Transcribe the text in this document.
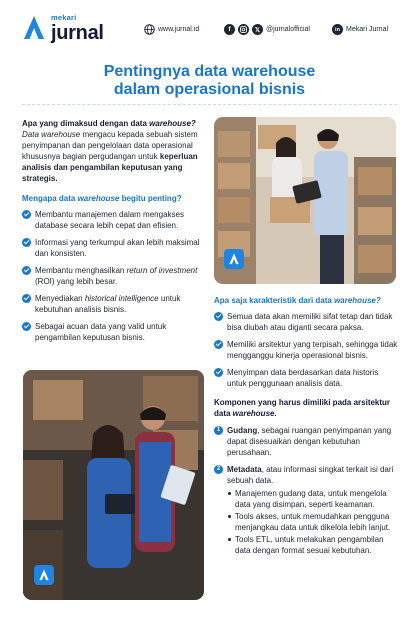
mekari
jurnal	www.jurnal.id	f	𝕏 @jurnalofficial	in Mekari Jurnal
Pentingnya data warehouse
dalam operasional bisnis
Apa yang dimaksud dengan data warehouse?

Data warehouse mengacu kepada sebuah sistem penyimpanan dan pengelolaan data operasional khususnya bagian pergudangan untuk keperluan analisis dan pengambilan keputusan yang strategis.

Mengapa data warehouse begitu penting?
Membantu manajemen dalam mengakses database secara lebih cepat dan efisien.
Informasi yang terkumpul akan lebih maksimal dan konsisten.
Membantu menghasilkan return of investment (ROI) yang lebih besar.
Menyediakan historical intelligence untuk kebutuhan analisis bisnis.
Sebagai acuan data yang valid untuk pengambilan keputusan bisnis.
Apa saja karakteristik dari data warehouse?
Semua data akan memiliki sifat tetap dan tidak bisa diubah atau diganti secara paksa.
Memiliki arsitektur yang terpisah, sehingga tidak mengganggu kinerja operasional bisnis.
Menyimpan data berdasarkan data historis untuk penggunaan analisis data.
Komponen yang harus dimiliki pada arsitektur data warehouse.
1 Gudang, sebagai ruangan penyimpanan yang dapat disesuaikan dengan kebutuhan perusahaan.
2 Metadata, atau informasi singkat terkait isi dari sebuah data.
Manajemen gudang data, untuk mengelola data yang disimpan, seperti keamanan.
Tools akses, untuk memudahkan pengguna menjangkau data untuk dikelola lebih lanjut.
Tools ETL, untuk melakukan pengambilan data dengan format sesuai kebutuhan.
